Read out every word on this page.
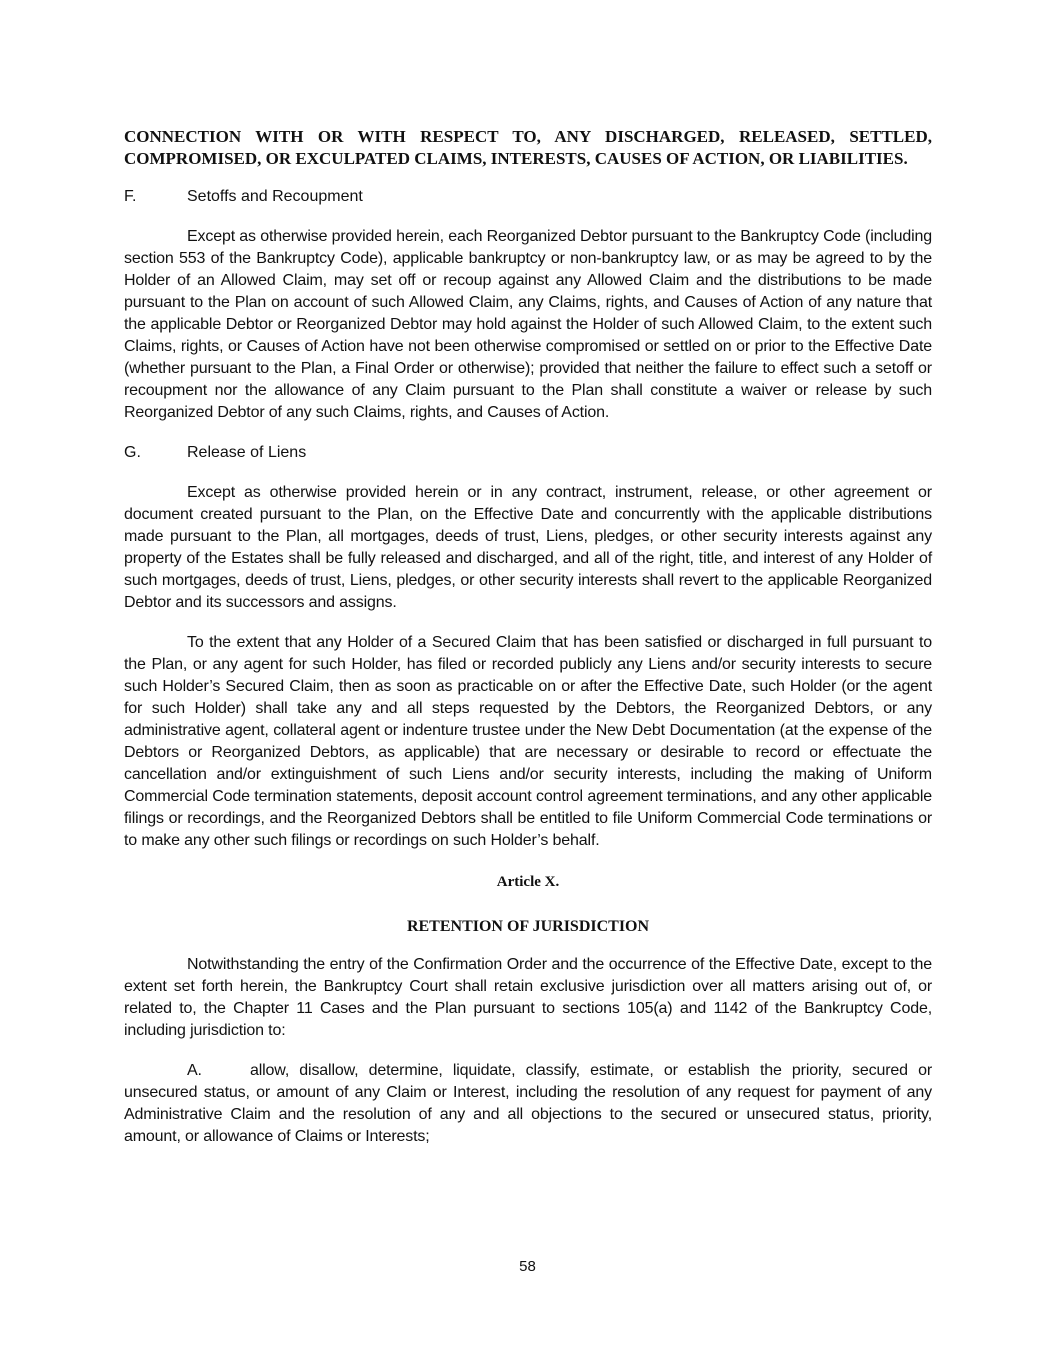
CONNECTION WITH OR WITH RESPECT TO, ANY DISCHARGED, RELEASED, SETTLED, COMPROMISED, OR EXCULPATED CLAIMS, INTERESTS, CAUSES OF ACTION, OR LIABILITIES.

F.	Setoffs and Recoupment

Except as otherwise provided herein, each Reorganized Debtor pursuant to the Bankruptcy Code (including section 553 of the Bankruptcy Code), applicable bankruptcy or non-bankruptcy law, or as may be agreed to by the Holder of an Allowed Claim, may set off or recoup against any Allowed Claim and the distributions to be made pursuant to the Plan on account of such Allowed Claim, any Claims, rights, and Causes of Action of any nature that the applicable Debtor or Reorganized Debtor may hold against the Holder of such Allowed Claim, to the extent such Claims, rights, or Causes of Action have not been otherwise compromised or settled on or prior to the Effective Date (whether pursuant to the Plan, a Final Order or otherwise); provided that neither the failure to effect such a setoff or recoupment nor the allowance of any Claim pursuant to the Plan shall constitute a waiver or release by such Reorganized Debtor of any such Claims, rights, and Causes of Action.

G.	Release of Liens

Except as otherwise provided herein or in any contract, instrument, release, or other agreement or document created pursuant to the Plan, on the Effective Date and concurrently with the applicable distributions made pursuant to the Plan, all mortgages, deeds of trust, Liens, pledges, or other security interests against any property of the Estates shall be fully released and discharged, and all of the right, title, and interest of any Holder of such mortgages, deeds of trust, Liens, pledges, or other security interests shall revert to the applicable Reorganized Debtor and its successors and assigns.

To the extent that any Holder of a Secured Claim that has been satisfied or discharged in full pursuant to the Plan, or any agent for such Holder, has filed or recorded publicly any Liens and/or security interests to secure such Holder’s Secured Claim, then as soon as practicable on or after the Effective Date, such Holder (or the agent for such Holder) shall take any and all steps requested by the Debtors, the Reorganized Debtors, or any administrative agent, collateral agent or indenture trustee under the New Debt Documentation (at the expense of the Debtors or Reorganized Debtors, as applicable) that are necessary or desirable to record or effectuate the cancellation and/or extinguishment of such Liens and/or security interests, including the making of Uniform Commercial Code termination statements, deposit account control agreement terminations, and any other applicable filings or recordings, and the Reorganized Debtors shall be entitled to file Uniform Commercial Code terminations or to make any other such filings or recordings on such Holder’s behalf.

Article X.
RETENTION OF JURISDICTION

Notwithstanding the entry of the Confirmation Order and the occurrence of the Effective Date, except to the extent set forth herein, the Bankruptcy Court shall retain exclusive jurisdiction over all matters arising out of, or related to, the Chapter 11 Cases and the Plan pursuant to sections 105(a) and 1142 of the Bankruptcy Code, including jurisdiction to:

A.	allow, disallow, determine, liquidate, classify, estimate, or establish the priority, secured or unsecured status, or amount of any Claim or Interest, including the resolution of any request for payment of any Administrative Claim and the resolution of any and all objections to the secured or unsecured status, priority, amount, or allowance of Claims or Interests;

58
